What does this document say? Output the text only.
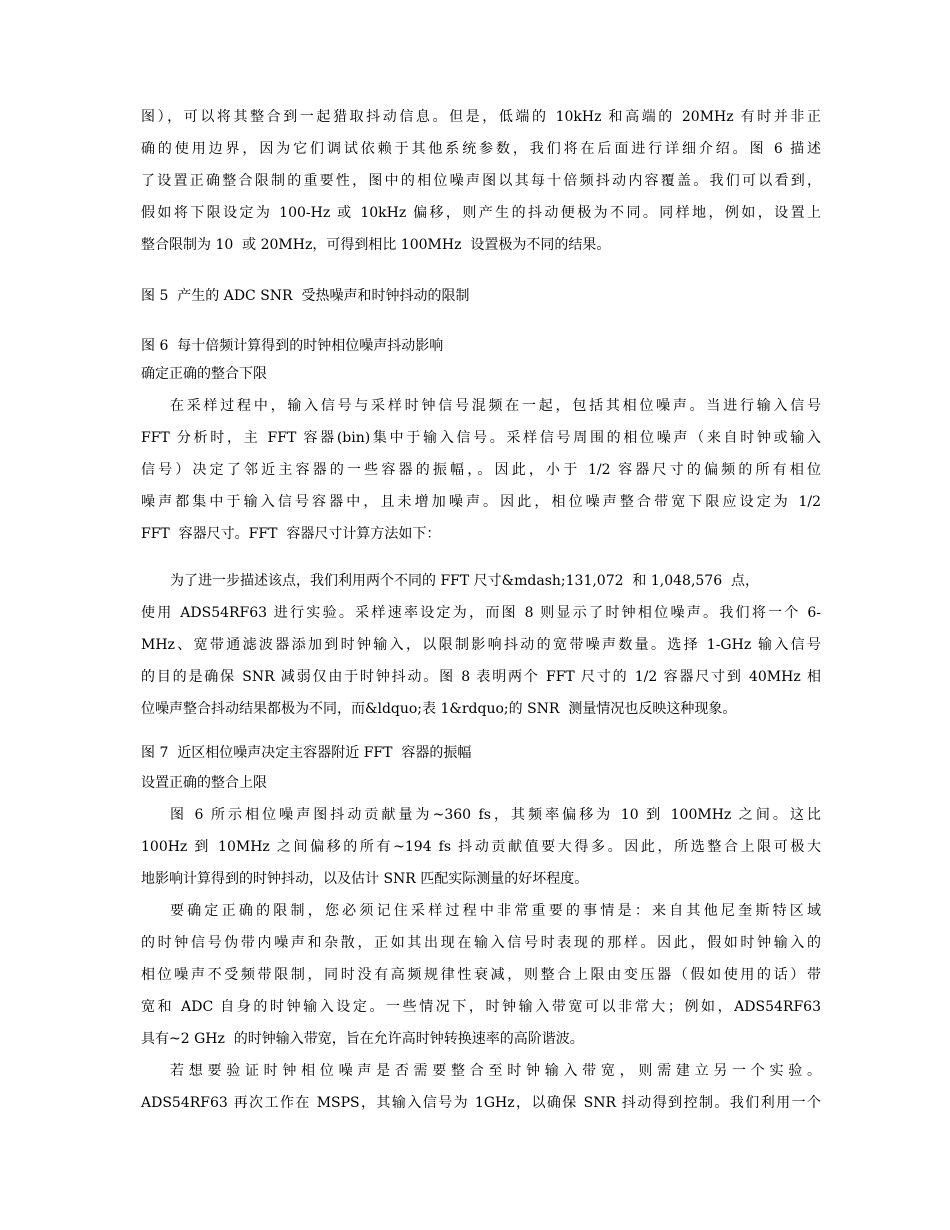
图），可以将其整合到一起猎取抖动信息。但是，低端的 10kHz 和高端的 20MHz 有时并非正

确的使用边界，因为它们调试依赖于其他系统参数，我们将在后面进行详细介绍。图 6 描述

了设置正确整合限制的重要性，图中的相位噪声图以其每十倍频抖动内容覆盖。我们可以看到，

假如将下限设定为 100-Hz 或 10kHz 偏移，则产生的抖动便极为不同。同样地，例如，设置上

整合限制为 10  或 20MHz，可得到相比 100MHz  设置极为不同的结果。

图 5  产生的 ADC SNR  受热噪声和时钟抖动的限制

图 6  每十倍频计算得到的时钟相位噪声抖动影响

确定正确的整合下限

在采样过程中，输入信号与采样时钟信号混频在一起，包括其相位噪声。当进行输入信号

FFT 分析时，主 FFT 容器(bin)集中于输入信号。采样信号周围的相位噪声（来自时钟或输入

信号）决定了邻近主容器的一些容器的振幅，。因此，小于 1/2 容器尺寸的偏频的所有相位

噪声都集中于输入信号容器中，且未增加噪声。因此，相位噪声整合带宽下限应设定为 1/2

FFT  容器尺寸。FFT  容器尺寸计算方法如下：

为了进一步描述该点，我们利用两个不同的 FFT 尺寸&mdash;131,072  和 1,048,576  点，

使用 ADS54RF63 进行实验。采样速率设定为，而图 8 则显示了时钟相位噪声。我们将一个 6-

MHz、宽带通滤波器添加到时钟输入，以限制影响抖动的宽带噪声数量。选择 1-GHz 输入信号

的目的是确保 SNR 减弱仅由于时钟抖动。图 8 表明两个 FFT 尺寸的 1/2 容器尺寸到 40MHz 相

位噪声整合抖动结果都极为不同，而&ldquo;表 1&rdquo;的 SNR  测量情况也反映这种现象。

图 7  近区相位噪声决定主容器附近 FFT  容器的振幅

设置正确的整合上限

图 6 所示相位噪声图抖动贡献量为~360 fs，其频率偏移为 10 到 100MHz 之间。这比

100Hz 到 10MHz 之间偏移的所有~194 fs 抖动贡献值要大得多。因此，所选整合上限可极大

地影响计算得到的时钟抖动，以及估计 SNR 匹配实际测量的好坏程度。

要确定正确的限制，您必须记住采样过程中非常重要的事情是：来自其他尼奎斯特区域

的时钟信号伪带内噪声和杂散，正如其出现在输入信号时表现的那样。因此，假如时钟输入的

相位噪声不受频带限制，同时没有高频规律性衰减，则整合上限由变压器（假如使用的话）带

宽和 ADC 自身的时钟输入设定。一些情况下，时钟输入带宽可以非常大；例如，ADS54RF63

具有~2 GHz  的时钟输入带宽，旨在允许高时钟转换速率的高阶谐波。

若想要验证时钟相位噪声是否需要整合至时钟输入带宽，则需建立另一个实验。

ADS54RF63 再次工作在 MSPS，其输入信号为 1GHz，以确保 SNR 抖动得到控制。我们利用一个
